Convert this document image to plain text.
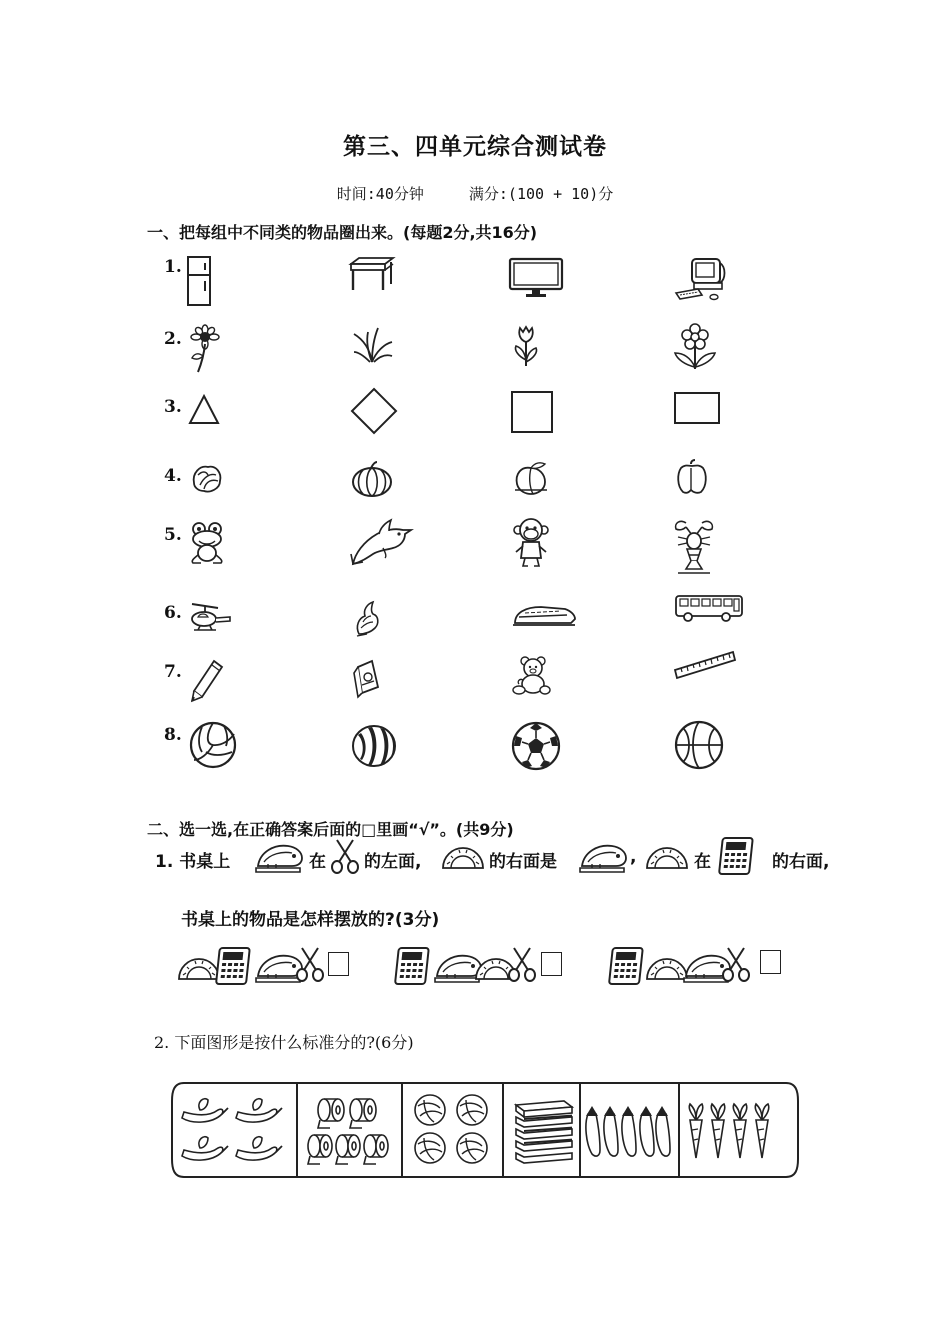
第三、四单元综合测试卷
时间:40分钟	满分:(100 + 10)分
一、把每组中不同类的物品圈出来。(每题2分,共16分)
1.
2.
3.
4.
5.
6.
7.
8.
二、选一选,在正确答案后面的□里画“√”。(共9分)
1. 书桌上	在 的左面,	的右面是	,	在	的右面,
书桌上的物品是怎样摆放的?(3分)
2. 下面图形是按什么标准分的?(6分)
